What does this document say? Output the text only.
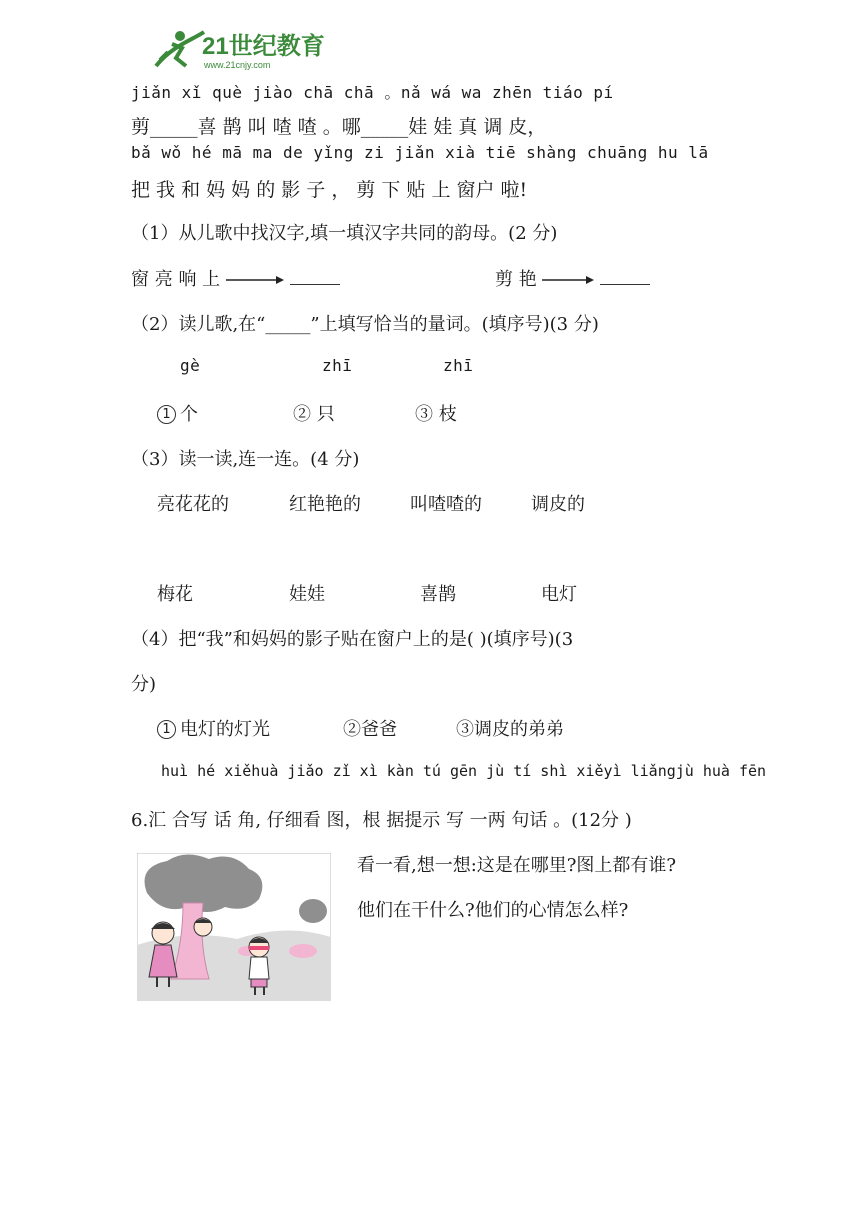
21世纪教育
www.21cnjy.com
jiǎn xǐ què jiào chā chā 。nǎ wá wa zhēn tiáo pí
剪_____喜 鹊 叫 喳 喳 。哪_____娃 娃 真 调 皮，
bǎ wǒ hé mā ma de yǐng zi jiǎn xià tiē shàng chuāng hu lā
把 我 和 妈 妈 的 影 子 ， 剪 下 贴 上 窗户 啦!
（1）从儿歌中找汉字,填一填汉字共同的韵母。(2 分)
窗 亮 响 上	剪 艳
（2）读儿歌,在“_____”上填写恰当的量词。(填序号)(3 分)
gè	zhī	zhī
1 个	② 只	③ 枝
（3）读一读,连一连。(4 分)
亮花花的	红艳艳的	叫喳喳的	调皮的
梅花	娃娃	喜鹊	电灯
（4）把“我”和妈妈的影子贴在窗户上的是( )(填序号)(3
分)
1 电灯的灯光	②爸爸	③调皮的弟弟
huì hé xiěhuà jiǎo zǐ xì kàn tú gēn jù tí shì xiěyì liǎngjù huà fēn
6.汇 合写 话 角, 仔细看 图，根 据提示 写 一两 句话 。(12分 )
看一看,想一想:这是在哪里?图上都有谁?
他们在干什么?他们的心情怎么样?
